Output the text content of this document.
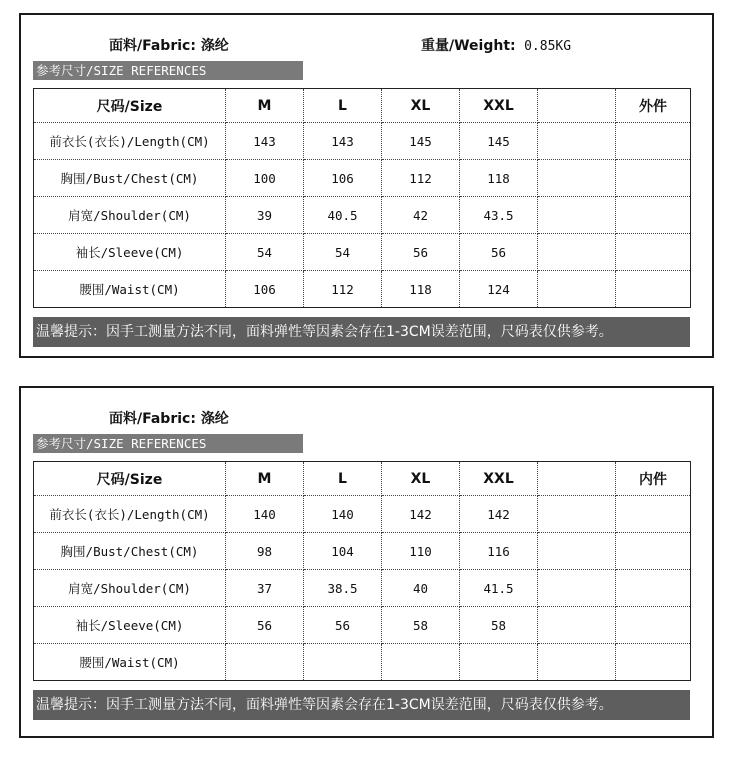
面料/Fabric: 涤纶	重量/Weight: 0.85KG
参考尺寸/SIZE REFERENCES
尺码/Size	M	L	XL	XXL		外件
前衣长(衣长)/Length(CM)	143	143	145	145		
胸围/Bust/Chest(CM)	100	106	112	118		
肩宽/Shoulder(CM)	39	40.5	42	43.5		
袖长/Sleeve(CM)	54	54	56	56		
腰围/Waist(CM)	106	112	118	124		
温馨提示：因手工测量方法不同，面料弹性等因素会存在1-3CM误差范围，尺码表仅供参考。
面料/Fabric: 涤纶
参考尺寸/SIZE REFERENCES
尺码/Size	M	L	XL	XXL		内件
前衣长(衣长)/Length(CM)	140	140	142	142		
胸围/Bust/Chest(CM)	98	104	110	116		
肩宽/Shoulder(CM)	37	38.5	40	41.5		
袖长/Sleeve(CM)	56	56	58	58		
腰围/Waist(CM)						
温馨提示：因手工测量方法不同，面料弹性等因素会存在1-3CM误差范围，尺码表仅供参考。
